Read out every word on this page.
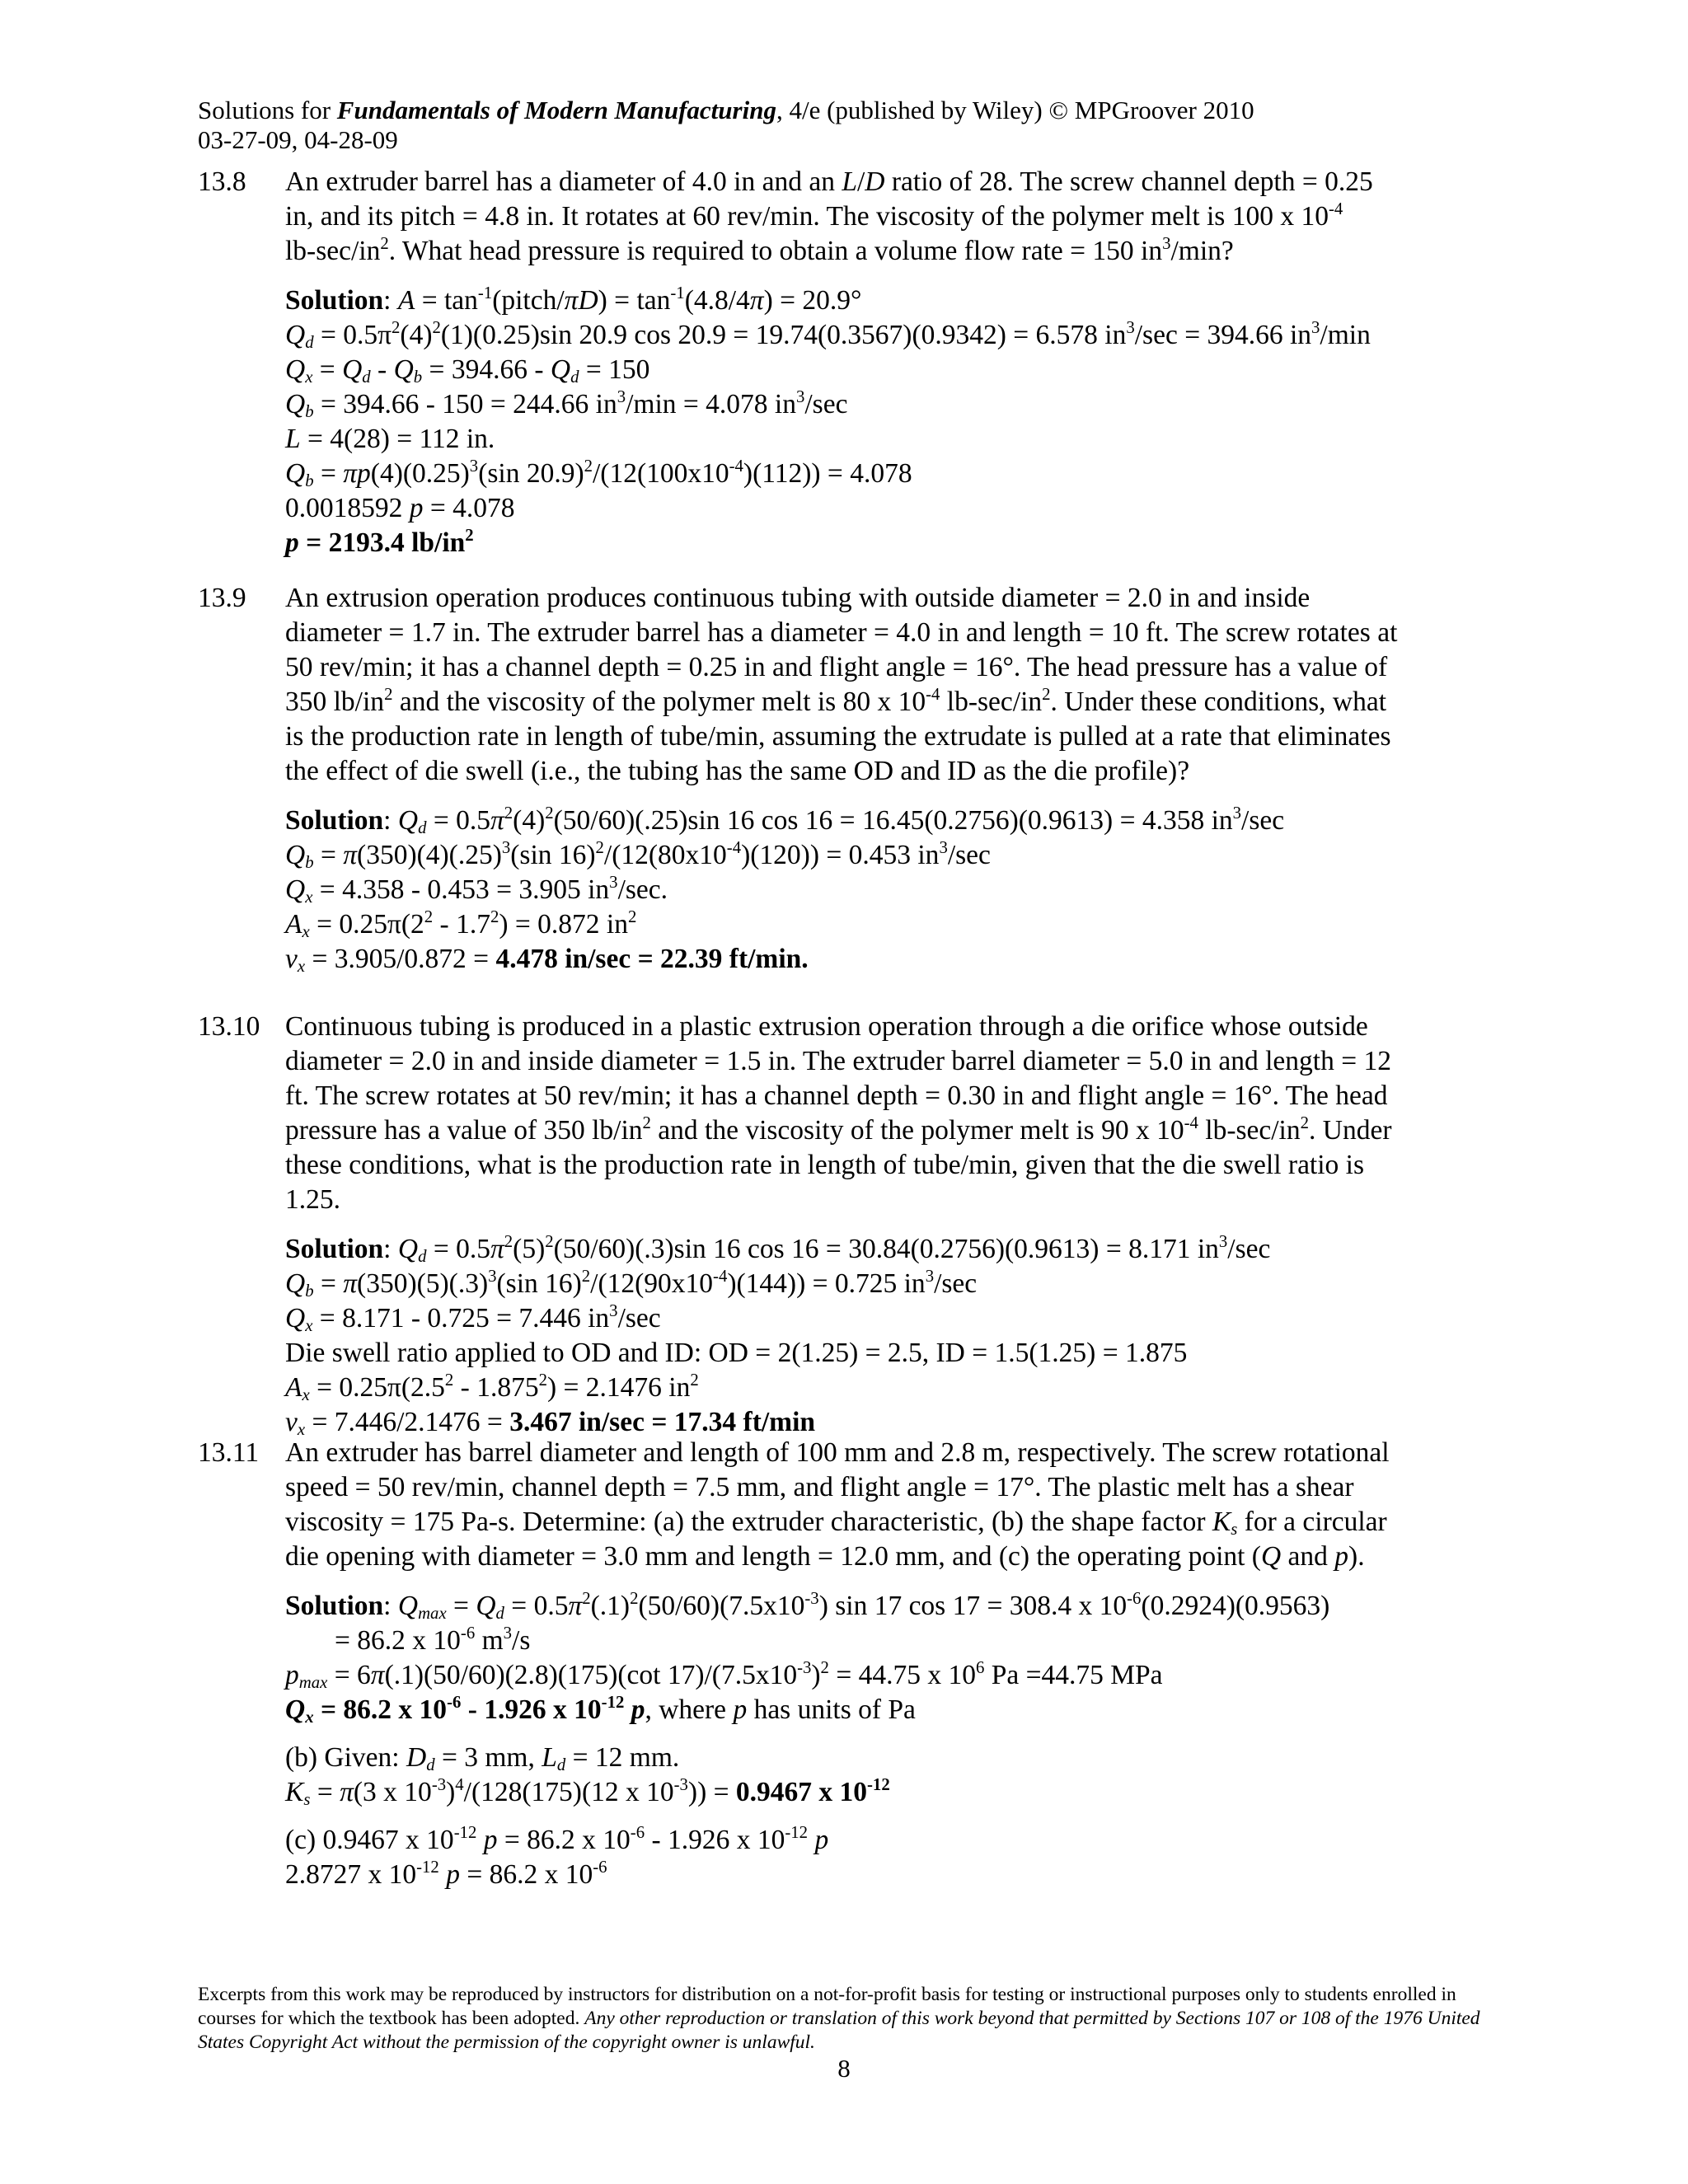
Solutions for Fundamentals of Modern Manufacturing, 4/e (published by Wiley) © MPGroover 2010
03-27-09, 04-28-09
13.8	An extruder barrel has a diameter of 4.0 in and an L/D ratio of 28. The screw channel depth = 0.25
in, and its pitch = 4.8 in. It rotates at 60 rev/min. The viscosity of the polymer melt is 100 x $10^{-4}$
$lb-\sec/in^2$. What head pressure is required to obtain a volume flow rate = 150 $in^3/\min$?
Solution: $A = \tan^{-1}(pitch/\pi D) = \tan^{-1}(4.8/4\pi) = 20.9^\circ$
$Q_d = 0.5\pi^2(4)^2(1)(0.25)\sin$ 20.9 cos 20.9 = 19.74(0.3567)(0.9342) = 6.578 $in^3/\sec = 394.66$ $in^3/\min$
$Q_x = Q_d - Q_b = 394.66 - Q_d = 150$
$Q_b = 394.66 - 150 = 244.66$ $in^3/\min = 4.078$ $in^3/\sec$
L = 4(28) = 112 in.
$Q_b = \pi p(4)(0.25)^3(\sin$ $20.9)^2/(12(100x10^{-4})(112)) = 4.078$
0.0018592 p = 4.078
p = 2193.4 $lb/in^2$
13.9	An extrusion operation produces continuous tubing with outside diameter = 2.0 in and inside
diameter = 1.7 in. The extruder barrel has a diameter = 4.0 in and length = 10 ft. The screw rotates at
50 rev/min; it has a channel depth = 0.25 in and flight angle = 16°. The head pressure has a value of
350 $lb/in^2$ and the viscosity of the polymer melt is 80 x $10^{-4}$ $lb-\sec/in^2$. Under these conditions, what
is the production rate in length of tube/min, assuming the extrudate is pulled at a rate that eliminates
the effect of die swell (i.e., the tubing has the same OD and ID as the die profile)?
Solution: $Q_d = 0.5\pi^2(4)^2(50/60)(.25)\sin$ 16 cos 16 = 16.45(0.2756)(0.9613) = 4.358 $in^3/\sec$
$Q_b = \pi(350)(4)(.25)^3(\sin$ $16)^2/(12(80x10^{-4})(120)) = 0.453$ $in^3/\sec$
$Q_x = 4.358 - 0.453 = 3.905$ $in^3/\sec$.
$A_x = 0.25\pi(2^2 - 1.7^2) = 0.872$ $in^2$
$v_x = 3.905/0.872 = 4.478$ in/sec = 22.39 ft/min.
13.10 Continuous tubing is produced in a plastic extrusion operation through a die orifice whose outside
diameter = 2.0 in and inside diameter = 1.5 in. The extruder barrel diameter = 5.0 in and length = 12
ft. The screw rotates at 50 rev/min; it has a channel depth = 0.30 in and flight angle = 16°. The head
pressure has a value of 350 $lb/in^2$ and the viscosity of the polymer melt is 90 x $10^{-4}$ $lb-\sec/in^2$. Under
these conditions, what is the production rate in length of tube/min, given that the die swell ratio is
1.25.
Solution: $Q_d = 0.5\pi^2(5)^2(50/60)(.3)\sin$ 16 cos 16 = 30.84(0.2756)(0.9613) = 8.171 $in^3/\sec$
$Q_b = \pi(350)(5)(.3)^3(\sin$ $16)^2/(12(90x10^{-4})(144)) = 0.725$ $in^3/\sec$
$Q_x = 8.171 - 0.725 = 7.446$ $in^3/\sec$
Die swell ratio applied to OD and ID: OD = 2(1.25) = 2.5, ID = 1.5(1.25) = 1.875
$A_x = 0.25\pi(2.5^2 - 1.875^2) = 2.1476$ $in^2$
$v_x = 7.446/2.1476 = 3.467$ in/sec = 17.34 ft/min
13.11 An extruder has barrel diameter and length of 100 mm and 2.8 m, respectively. The screw rotational
speed = 50 rev/min, channel depth = 7.5 mm, and flight angle = 17°. The plastic melt has a shear
viscosity = 175 Pa-s. Determine: (a) the extruder characteristic, (b) the shape factor $K_s$ for a circular
die opening with diameter = 3.0 mm and length = 12.0 mm, and (c) the operating point (Q and p).
Solution: $Q_{max} = Q_d = 0.5\pi^2(.1)^2(50/60)(7.5x10^{-3})$ sin 17 cos 17 = 308.4 x $10^{-6}(0.2924)(0.9563)$
= 86.2 x $10^{-6}$ $m^3/s$
$p_{max} = 6\pi(.1)(50/60)(2.8)(175)(\cot$ $17)/(7.5x10^{-3})^2 = 44.75$ x $10^6$ Pa =44.75 MPa
$Q_x = 86.2$ x $10^{-6} - 1.926$ x $10^{-12}$ p, where p has units of Pa
(b) Given: $D_d = 3$ mm, $L_d = 12$ mm.
$K_s = \pi(3$ x $10^{-3})^4/(128(175)(12$ x $10^{-3})) = 0.9467$ x $10^{-12}$
(c) 0.9467 x $10^{-12}$ p = 86.2 x $10^{-6} - 1.926$ x $10^{-12}$ p
2.8727 x $10^{-12}$ p = 86.2 x $10^{-6}$
Excerpts from this work may be reproduced by instructors for distribution on a not-for-profit basis for testing or instructional purposes only to students enrolled in courses for which the textbook has been adopted. Any other reproduction or translation of this work beyond that permitted by Sections 107 or 108 of the 1976 United States Copyright Act without the permission of the copyright owner is unlawful.
8
